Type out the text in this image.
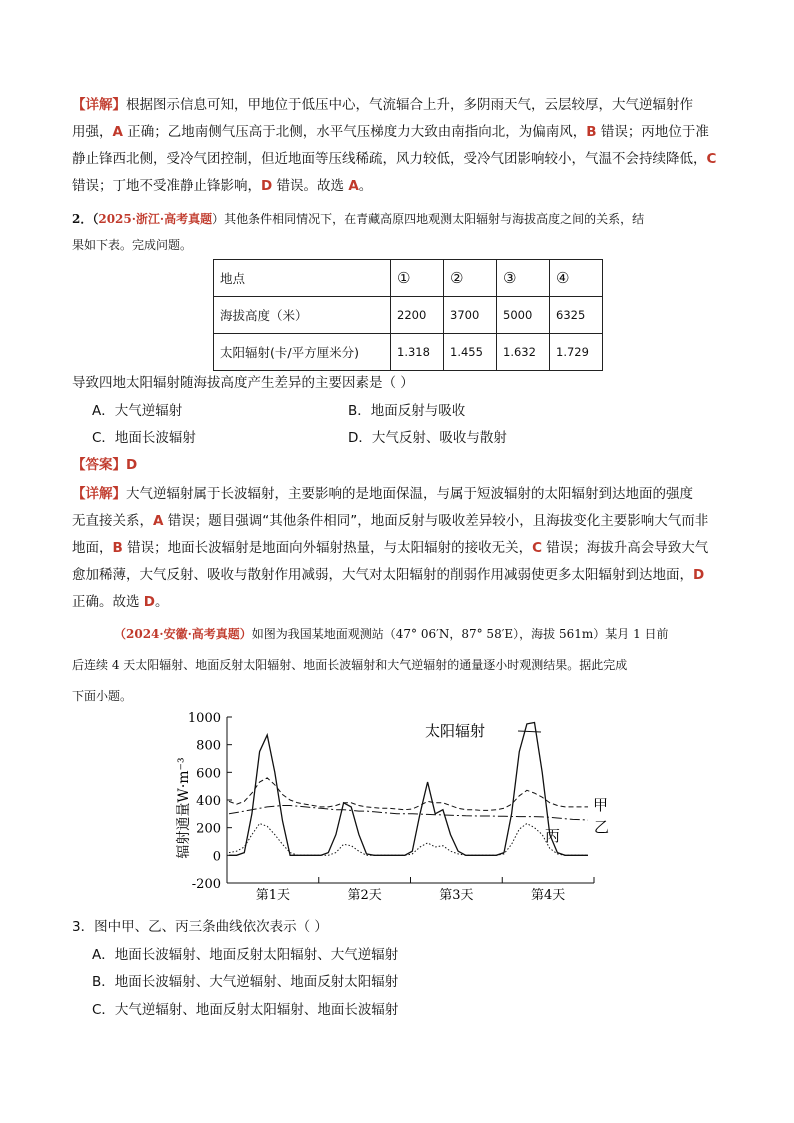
【详解】根据图示信息可知，甲地位于低压中心，气流辐合上升，多阴雨天气，云层较厚，大气逆辐射作
用强，A 正确；乙地南侧气压高于北侧，水平气压梯度力大致由南指向北，为偏南风，B 错误；丙地位于准
静止锋西北侧，受冷气团控制，但近地面等压线稀疏，风力较低，受冷气团影响较小，气温不会持续降低，C
错误；丁地不受准静止锋影响，D 错误。故选 A。
2．（2025·浙江·高考真题）其他条件相同情况下，在青藏高原四地观测太阳辐射与海拔高度之间的关系，结
果如下表。完成问题。
地点	①	②	③	④
海拔高度（米）	2200	3700	5000	6325
太阳辐射(卡/平方厘米分)	1.318	1.455	1.632	1.729
导致四地太阳辐射随海拔高度产生差异的主要因素是（ ）
A．大气逆辐射	B．地面反射与吸收
C．地面长波辐射	D．大气反射、吸收与散射
【答案】D
【详解】大气逆辐射属于长波辐射，主要影响的是地面保温，与属于短波辐射的太阳辐射到达地面的强度
无直接关系，A 错误；题目强调“其他条件相同”，地面反射与吸收差异较小，且海拔变化主要影响大气而非
地面，B 错误；地面长波辐射是地面向外辐射热量，与太阳辐射的接收无关，C 错误；海拔升高会导致大气
愈加稀薄，大气反射、吸收与散射作用减弱，大气对太阳辐射的削弱作用减弱使更多太阳辐射到达地面，D
正确。故选 D。
（2024·安徽·高考真题）如图为我国某地面观测站（47° 06′N，87° 58′E），海拔 561m）某月 1 日前
后连续 4 天太阳辐射、地面反射太阳辐射、地面长波辐射和大气逆辐射的通量逐小时观测结果。据此完成
下面小题。
1000
800
600
400
200
0
-200
第1天	第2天	第3天	第4天
辐射通量W·m⁻³
太阳辐射
甲
乙
丙
3．图中甲、乙、丙三条曲线依次表示（ ）
A．地面长波辐射、地面反射太阳辐射、大气逆辐射
B．地面长波辐射、大气逆辐射、地面反射太阳辐射
C．大气逆辐射、地面反射太阳辐射、地面长波辐射
